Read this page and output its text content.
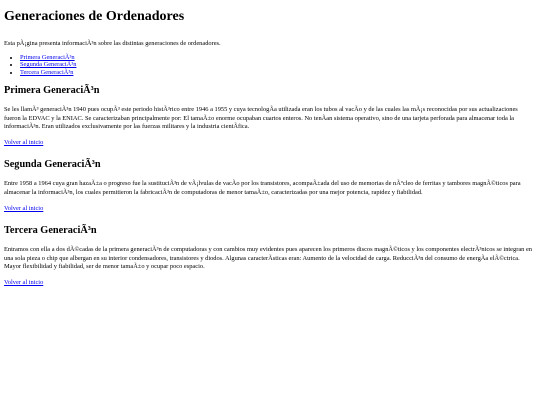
Generaciones de Ordenadores

Esta pÃ¡gina presenta informaciÃ³n sobre las distintas generaciones de ordenadores.

• Primera GeneraciÃ³n
• Segunda GeneraciÃ³n
• Tercera GeneraciÃ³n
Primera GeneraciÃ³n

Se les llamÃ³ generaciÃ³n 1940 pues ocupÃ³ este periodo histÃ³rico entre 1946 a 1955 y cuya tecnologÃa utilizada eran los tubos al vacÃo y de las cuales las mÃ¡s reconocidas por sus actualizaciones fueron la EDVAC y la ENIAC. Se caracterizaban principalmente por: El tamaÃ±o enorme ocupaban cuartos enteros. No tenÃan sistema operativo, sino de una tarjeta perforada para almacenar toda la informaciÃ³n. Eran utilizados exclusivamente por las fuerzas militares y la industria cientÃfica.

Volver al inicio
Segunda GeneraciÃ³n

Entre 1958 a 1964 cuya gran hazaÃ±a o progreso fue la sustituciÃ³n de vÃ¡lvulas de vacÃo por los transistores, acompaÃ±ada del uso de memorias de nÃºcleo de ferritas y tambores magnÃ©ticos para almacenar la informaciÃ³n, los cuales permitieron la fabricaciÃ³n de computadoras de menor tamaÃ±o, caracterizadas por una mejor potencia, rapidez y fiabilidad.

Volver al inicio
Tercera GeneraciÃ³n

Entramos con ella a dos dÃ©cadas de la primera generaciÃ³n de computadoras y con cambios muy evidentes pues aparecen los primeros discos magnÃ©ticos y los componentes electrÃ³nicos se integran en una sola pieza o chip que albergan en su interior condensadores, transistores y diodos. Algunas caracterÃsticas eran: Aumento de la velocidad de carga. ReducciÃ³n del consumo de energÃa elÃ©ctrica. Mayor flexibilidad y fiabilidad, ser de menor tamaÃ±o y ocupar poco espacio.

Volver al inicio
